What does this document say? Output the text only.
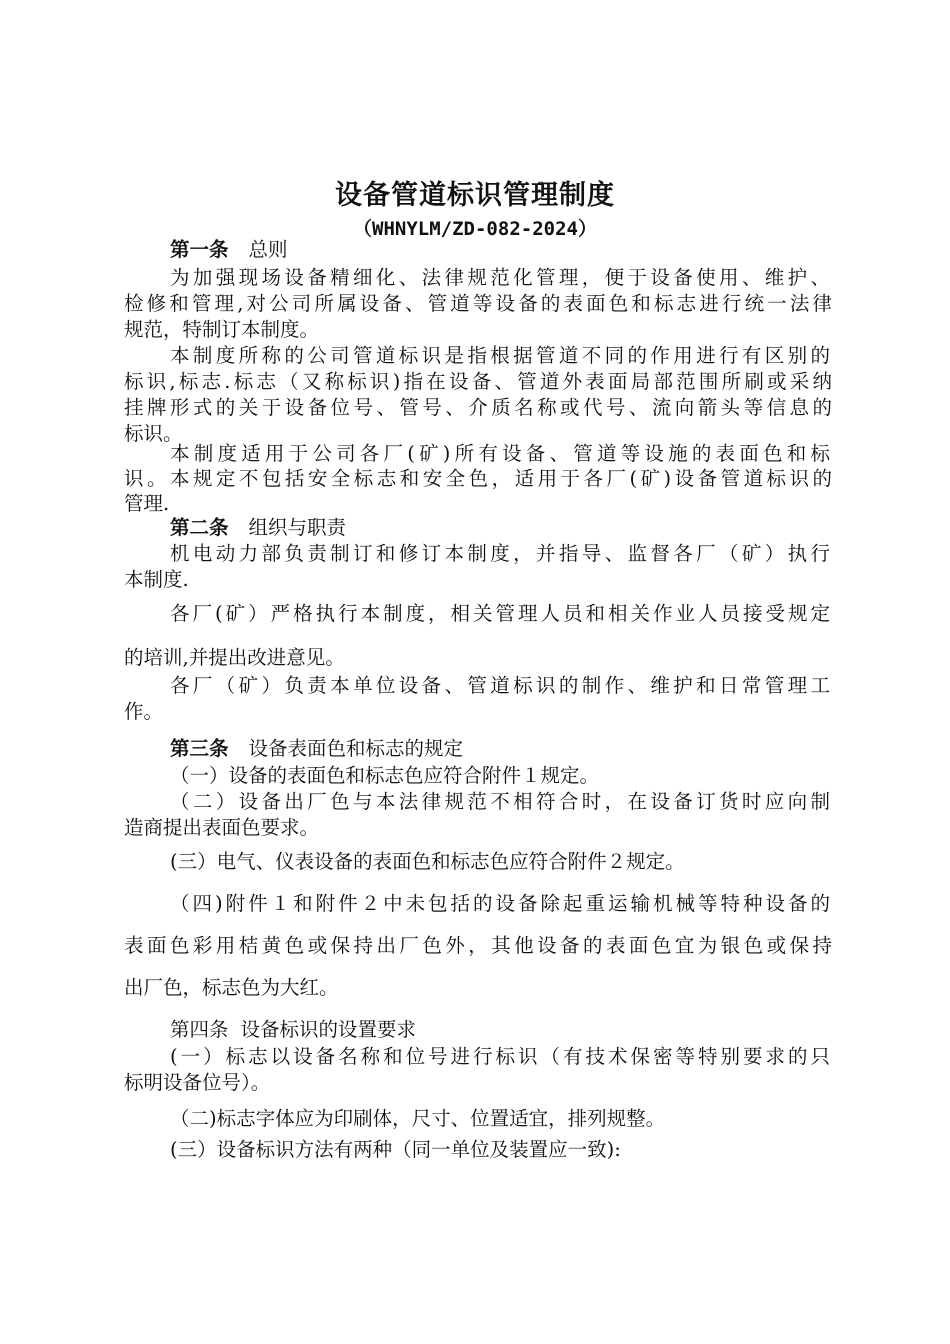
设备管道标识管理制度
（WHNYLM/ZD-082-2024）
第一条 总则
为加强现场设备精细化、法律规范化管理，便于设备使用、维护、
检修和管理,对公司所属设备、管道等设备的表面色和标志进行统一法律
规范，特制订本制度。
本制度所称的公司管道标识是指根据管道不同的作用进行有区别的
标识,标志.标志（又称标识)指在设备、管道外表面局部范围所刷或采纳
挂牌形式的关于设备位号、管号、介质名称或代号、流向箭头等信息的
标识。
本制度适用于公司各厂(矿)所有设备、管道等设施的表面色和标
识。本规定不包括安全标志和安全色，适用于各厂(矿)设备管道标识的
管理.
第二条 组织与职责
机电动力部负责制订和修订本制度，并指导、监督各厂（矿）执行
本制度.
各厂(矿）严格执行本制度，相关管理人员和相关作业人员接受规定
的培训,并提出改进意见。
各厂（矿）负责本单位设备、管道标识的制作、维护和日常管理工
作。
第三条 设备表面色和标志的规定
（一）设备的表面色和标志色应符合附件１规定。
（二）设备出厂色与本法律规范不相符合时，在设备订货时应向制
造商提出表面色要求。
(三）电气、仪表设备的表面色和标志色应符合附件２规定。
（四)附件１和附件２中未包括的设备除起重运输机械等特种设备的
表面色彩用桔黄色或保持出厂色外，其他设备的表面色宜为银色或保持
出厂色，标志色为大红。
第四条 设备标识的设置要求
(一）标志以设备名称和位号进行标识（有技术保密等特别要求的只
标明设备位号）。
（二)标志字体应为印刷体，尺寸、位置适宜，排列规整。
(三）设备标识方法有两种（同一单位及装置应一致):
